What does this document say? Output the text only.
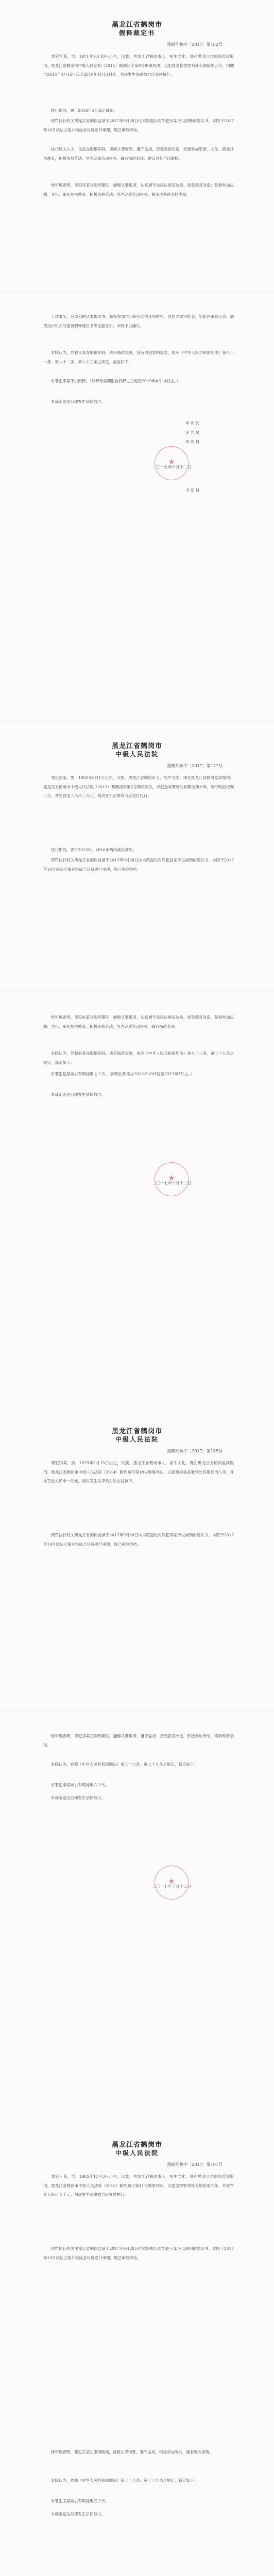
黑龙江省鹤岗市
假释裁定书
黑鹤刑执字〔2017〕第162号

罪犯宋某，男，1971年9月10日出生，汉族，黑龙江省鹤岗市人，初中文化。现在黑龙江省鹤岗监狱服刑。黑龙江省鹤岗市中级人民法院（2015）鹤刑初字第9号刑事判决，以犯故意伤害罪判处有期徒刑五年，刑期自2014年4月15日起至2019年4月14日止。判决发生法律效力后交付执行。

执行期间，曾于2016年4月裁定减刑。

刑罚执行机关黑龙江省鹤岗监狱于2017年9月28日向本院提出对罪犯宋某予以假释的建议书，本院于2017年10月依法立案并组成合议庭进行审理，现已审理终结。

执行机关认为，该犯在服刑期间，能够认罪悔罪，遵守监规，接受教育改造，积极参加思想、文化、职业技术教育，积极参加劳动，努力完成劳动任务，确有悔改表现，建议对其予以假释。

经审理查明，罪犯宋某在服刑期间，能够认罪悔罪，认真遵守法律法规及监规，接受教育改造；积极参加思想、文化、职业技术教育；积极参加劳动，努力完成劳动任务。曾多次获得表扬奖励。

上述事实，有罪犯的认罪悔罪书、积极参加学习和劳动的证明材料、罪犯奖励审批表、罪犯评审鉴定表、刑罚执行机关的提请假释建议书等证据证实，本院予以确认。

本院认为，罪犯宋某在服刑期间，确有悔改表现，没有再犯罪的危险，依照《中华人民共和国刑法》第八十一条、第八十二条、第八十三条之规定，裁定如下：

对罪犯宋某予以假释。（假释考验期限自假释之日起至2019年4月14日止。）

本裁定送达后即发生法律效力。

审 判 长
审 判 员
审 判 员
★
二〇一七年十月十二日
书 记 员
黑龙江省鹤岗市
中级人民法院
黑鹤刑执字〔2017〕第177号

罪犯赵某，男，1982年6月1日出生，汉族，黑龙江省鹤岗市人，高中文化。现在黑龙江省鹤岗监狱服刑。黑龙江省鹤岗市中级人民法院（2013）鹤刑初字第6号刑事判决，以犯抢劫罪判处有期徒刑十年，剥夺政治权利二年，并处罚金人民币二万元。判决发生法律效力后交付执行。

执行期间，曾于2015年、2016年两次裁定减刑。

刑罚执行机关黑龙江省鹤岗监狱于2017年9月28日向本院提出对罪犯赵某予以减刑的建议书，本院于2017年10月依法立案并组成合议庭进行审理，现已审理终结。

经审理查明，罪犯赵某在服刑期间，能够认罪悔罪，认真遵守法律法规及监规，接受教育改造，积极参加思想、文化、职业技术教育，积极参加劳动，努力完成劳动任务，确有悔改表现。

本院认为，罪犯赵某在服刑期间，确有悔改表现，依照《中华人民共和国刑法》第七十八条、第七十九条之规定，裁定如下：

对罪犯赵某减去有期徒刑七个月。（减刑后刑期自2012年10月起至2022年3月止。）

本裁定送达后即发生法律效力。

★
二〇一七年十月十二日
黑龙江省鹤岗市
中级人民法院
黑鹤刑执字〔2017〕第185号

罪犯李某，男，1979年2月15日出生，汉族，黑龙江省鹤岗市人，初中文化。现在黑龙江省鹤岗监狱服刑。黑龙江省鹤岗市中级人民法院（2014）鹤刑初字第18号刑事判决，以犯贩卖毒品罪判处有期徒刑八年，并处罚金人民币一万元。判决发生法律效力后交付执行。

刑罚执行机关黑龙江省鹤岗监狱于2017年9月28日向本院提出对罪犯李某予以减刑的建议书，本院于2017年10月依法立案并组成合议庭进行审理，现已审理终结。

经审理查明，罪犯李某在服刑期间，能够认罪悔罪，遵守监规，接受教育改造，积极参加劳动，确有悔改表现。

本院认为，依照《中华人民共和国刑法》第七十八条、第七十九条之规定，裁定如下：

对罪犯李某减去有期徒刑六个月。

本裁定送达后即发生法律效力。

★
二〇一七年十月十二日
黑龙江省鹤岗市
中级人民法院
黑鹤刑执字〔2017〕第191号

罪犯王某，男，1985年11月3日出生，汉族，黑龙江省鹤岗市人，初中文化。现在黑龙江省鹤岗监狱服刑。黑龙江省鹤岗市中级人民法院（2015）鹤刑初字第11号刑事判决，以犯盗窃罪判处有期徒刑六年，并处罚金人民币五千元。判决发生法律效力后交付执行。

刑罚执行机关黑龙江省鹤岗监狱于2017年9月28日向本院提出对罪犯王某予以减刑的建议书，本院于2017年10月依法立案并组成合议庭进行审理，现已审理终结。

经审理查明，罪犯王某在服刑期间，能够认罪悔罪，遵守监规，积极参加劳动，确有悔改表现。

本院认为，依照《中华人民共和国刑法》第七十八条、第七十九条之规定，裁定如下：

对罪犯王某减去有期徒刑五个月。

本裁定送达后即发生法律效力。
